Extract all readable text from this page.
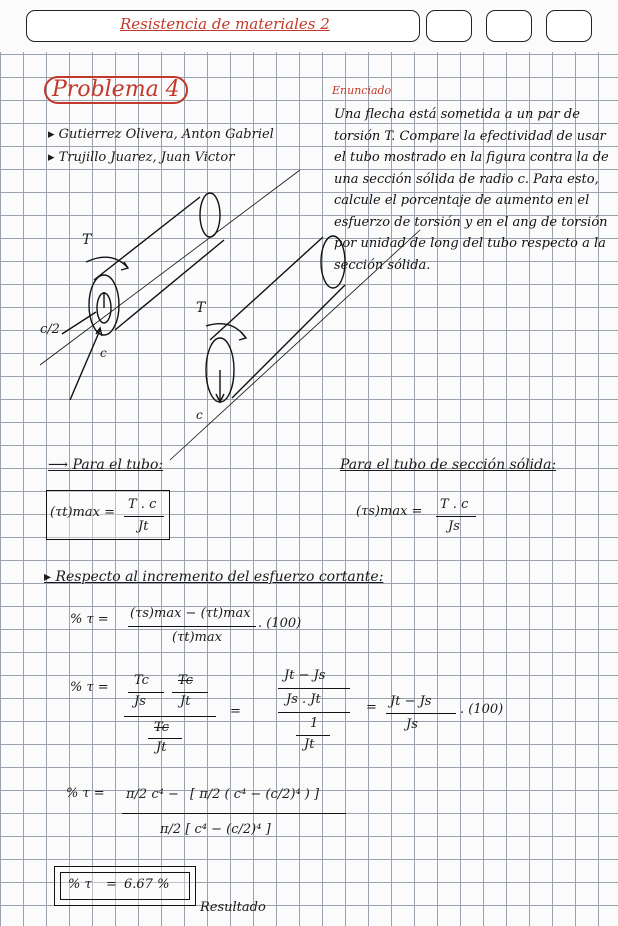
Resistencia de materiales 2
Problema 4
▸ Gutierrez Olivera, Anton Gabriel
▸ Trujillo Juarez, Juan Victor
Enunciado
Una flecha está sometida a un par de torsión T. Compare la efectividad de usar el tubo mostrado en la figura contra la de una sección sólida de radio c. Para esto, calcule el porcentaje de aumento en el esfuerzo de torsión y en el ang de torsión por unidad de long del tubo respecto a la sección sólida.
T
T
c/2
c
c
⟶ Para el tubo:
(τt)max =
T . c
Jt
Para el tubo de sección sólida:
(τs)max = T . c
Js
▸ Respecto al incremento del esfuerzo cortante:
% τ = (τs)max − (τt)max
. (100)
(τt)max
% τ = Tc
Js
Tc
Jt
Tc
Jt
=
Jt − Js
Js . Jt
1
Jt
= Jt − Js
. (100)
Js
% τ = π/2 c⁴ − [ π/2 ( c⁴ − (c/2)⁴ ) ]
π/2 [ c⁴ − (c/2)⁴ ]
% τ = 6.67 %
Resultado
